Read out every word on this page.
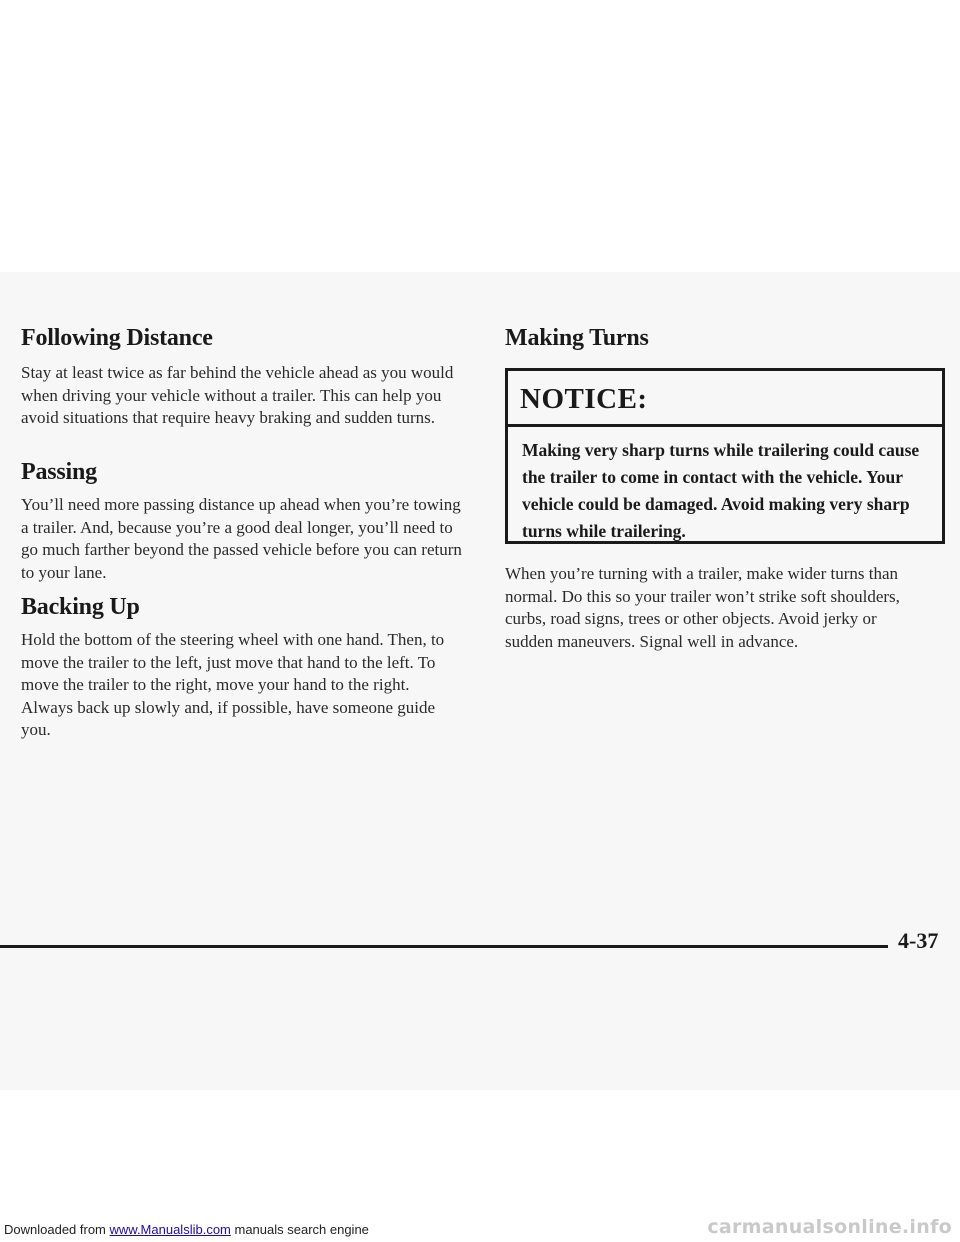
Following Distance

Stay at least twice as far behind the vehicle ahead as you would when driving your vehicle without a trailer. This can help you avoid situations that require heavy braking and sudden turns.

Passing

You’ll need more passing distance up ahead when you’re towing a trailer. And, because you’re a good deal longer, you’ll need to go much farther beyond the passed vehicle before you can return to your lane.

Backing Up

Hold the bottom of the steering wheel with one hand. Then, to move the trailer to the left, just move that hand to the left. To move the trailer to the right, move your hand to the right. Always back up slowly and, if possible, have someone guide you.

Making Turns
NOTICE:
Making very sharp turns while trailering could cause the trailer to come in contact with the vehicle. Your vehicle could be damaged. Avoid making very sharp turns while trailering.

When you’re turning with a trailer, make wider turns than normal. Do this so your trailer won’t strike soft shoulders, curbs, road signs, trees or other objects. Avoid jerky or sudden maneuvers. Signal well in advance.

4-37
Downloaded from www.Manualslib.com manuals search engine	carmanualsonline.info
